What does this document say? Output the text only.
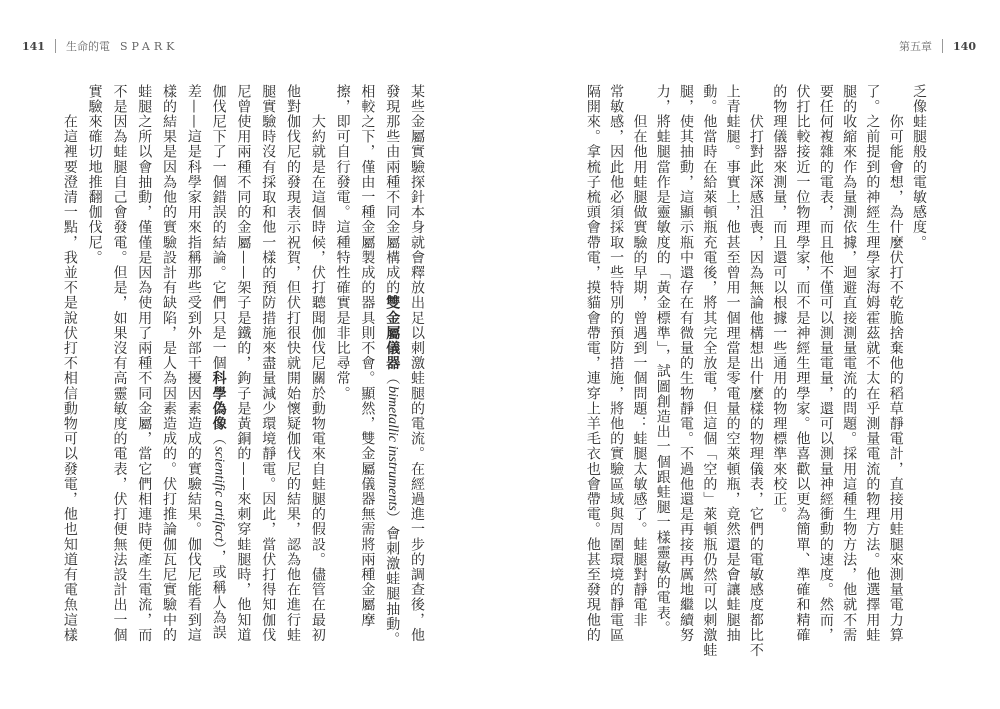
141 生命的電 SPARK	第五章 140
乏像蛙腿般的電敏感度。
　　你可能會想，為什麼伏打不乾脆捨棄他的稻草靜電計，直接用蛙腿來測量電力算
了。之前提到的神經生理學家海姆霍茲就不太在乎測量電流的物理方法。他選擇用蛙
腿的收縮來作為量測依據，迴避直接測量電流的問題。採用這種生物方法，他就不需
要任何複雜的電表，而且他不僅可以測量電量，還可以測量神經衝動的速度。然而，
伏打比較接近一位物理學家，而不是神經生理學家。他喜歡以更為簡單、準確和精確
的物理儀器來測量，而且還可以根據一些通用的物理標準來校正。
　　伏打對此深感沮喪，因為無論他構想出什麼樣的物理儀表，它們的電敏感度都比不
上青蛙腿。事實上，他甚至曾用一個理當是零電量的空萊頓瓶，竟然還是會讓蛙腿抽
動。他當時在給萊頓瓶充電後，將其完全放電，但這個「空的」萊頓瓶仍然可以刺激蛙
腿，使其抽動，這顯示瓶中還存在有微量的生物靜電。不過他還是再接再厲地繼續努
力，將蛙腿當作是靈敏度的「黃金標準」，試圖創造出一個跟蛙腿一樣靈敏的電表。
　　但在他用蛙腿做實驗的早期，曾遇到一個問題：蛙腿太敏感了。蛙腿對靜電非
常敏感，因此他必須採取一些特別的預防措施，將他的實驗區域與周圍環境的靜電區
隔開來。拿梳子梳頭會帶電，摸貓會帶電，連穿上羊毛衣也會帶電。他甚至發現他的
某些金屬實驗探針本身就會釋放出足以刺激蛙腿的電流。在經過進一步的調查後，他
發現那些由兩種不同金屬構成的雙金屬儀器（bimetallic instruments）會刺激蛙腿抽動。
相較之下，僅由一種金屬製成的器具則不會。顯然，雙金屬儀器無需將兩種金屬摩
擦，即可自行發電。這種特性確實是非比尋常。
　　大約就是在這個時候，伏打聽聞伽伐尼關於動物電來自蛙腿的假設。儘管在最初
他對伽伐尼的發現表示祝賀，但伏打很快就開始懷疑伽伐尼的結果，認為他在進行蛙
腿實驗時沒有採取和他一樣的預防措施來盡量減少環境靜電。因此，當伏打得知伽伐
尼曾使用兩種不同的金屬——架子是鐵的，鉤子是黃銅的——來刺穿蛙腿時，他知道
伽伐尼下了一個錯誤的結論。它們只是一個科學偽像（scientific artifact），或稱人為誤
差——這是科學家用來指稱那些受到外部干擾因素造成的實驗結果。伽伐尼能看到這
樣的結果是因為他的實驗設計有缺陷，是人為因素造成的。伏打推論伽瓦尼實驗中的
蛙腿之所以會抽動，僅僅是因為使用了兩種不同金屬，當它們相連時便產生電流，而
不是因為蛙腿自己會發電。但是，如果沒有高靈敏度的電表，伏打便無法設計出一個
實驗來確切地推翻伽伐尼。
　　在這裡要澄清一點，我並不是說伏打不相信動物可以發電，他也知道有電魚這樣
